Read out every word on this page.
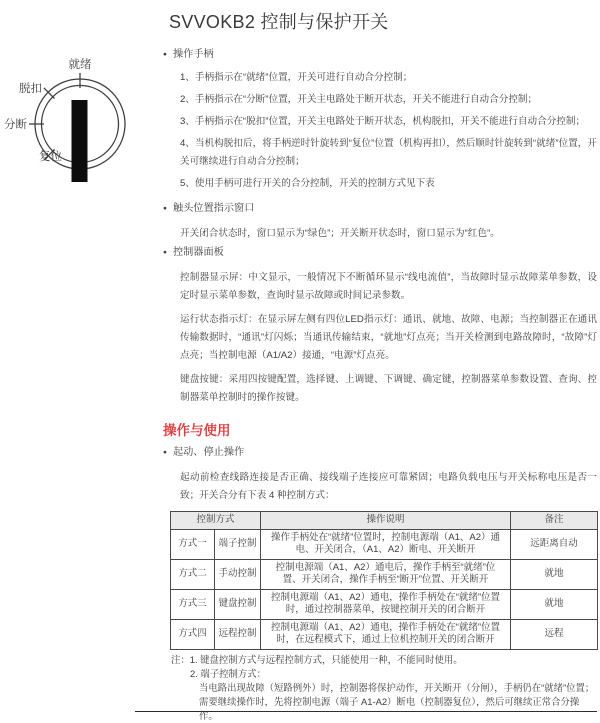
SVVOKB2 控制与保护开关
就绪
脱扣
分断
复位
● 操作手柄
1、手柄指示在“就绪”位置，开关可进行自动合分控制；
2、手柄指示在“分断”位置，开关主电路处于断开状态，开关不能进行自动合分控制；
3、手柄指示在“脱扣”位置，开关主电路处于断开状态，机构脱扣，开关不能进行自动合分控制；
4、当机构脱扣后，将手柄逆时针旋转到“复位”位置（机构再扣），然后顺时针旋转到“就绪”位置，开关可继续进行自动合分控制；
5、使用手柄可进行开关的合分控制，开关的控制方式见下表
● 触头位置指示窗口
开关闭合状态时，窗口显示为“绿色”；开关断开状态时，窗口显示为“红色”。
● 控制器面板
控制器显示屏：中文显示，一般情况下不断循环显示“线电流值”，当故障时显示故障菜单参数，设定时显示菜单参数，查询时显示故障或时间记录参数。
运行状态指示灯：在显示屏左侧有四位LED指示灯：通讯、就地、故障、电源；当控制器正在通讯传输数据时，“通讯”灯闪烁；当通讯传输结束，“就地”灯点亮；当开关检测到电路故障时，“故障”灯点亮；当控制电源（A1/A2）接通，“电源”灯点亮。
键盘按键：采用四按键配置，选择键、上调键、下调键、确定键，控制器菜单参数设置、查询、控制器菜单控制时的操作按键。
操作与使用
● 起动、停止操作
起动前检查线路连接是否正确、接线端子连接应可靠紧固；电路负载电压与开关标称电压是否一致；开关合分有下表 4 种控制方式：
控制方式		操作说明	备注
方式一	端子控制	操作手柄处在“就绪”位置时，控制电源端（A1、A2）通电、开关闭合，（A1、A2）断电、开关断开	远距离自动
方式二	手动控制	控制电源端（A1、A2）通电后，操作手柄至“就绪”位置、开关闭合，操作手柄至“断开”位置、开关断开	就地
方式三	键盘控制	控制电源端（A1、A2）通电，操作手柄处在“就绪”位置时，通过控制器菜单，按键控制开关的闭合断开	就地
方式四	远程控制	控制电源端（A1、A2）通电，操作手柄处在“就绪”位置时，在远程模式下，通过上位机控制开关的闭合断开	远程
注：1. 键盘控制方式与远程控制方式，只能使用一种，不能同时使用。
2. 端子控制方式：
当电路出现故障（短路例外）时，控制器将保护动作，开关断开（分闸），手柄仍在“就绪”位置；
需要继续操作时，先将控制电源（端子 A1-A2）断电（控制器复位），然后可继续正常合分操作。
